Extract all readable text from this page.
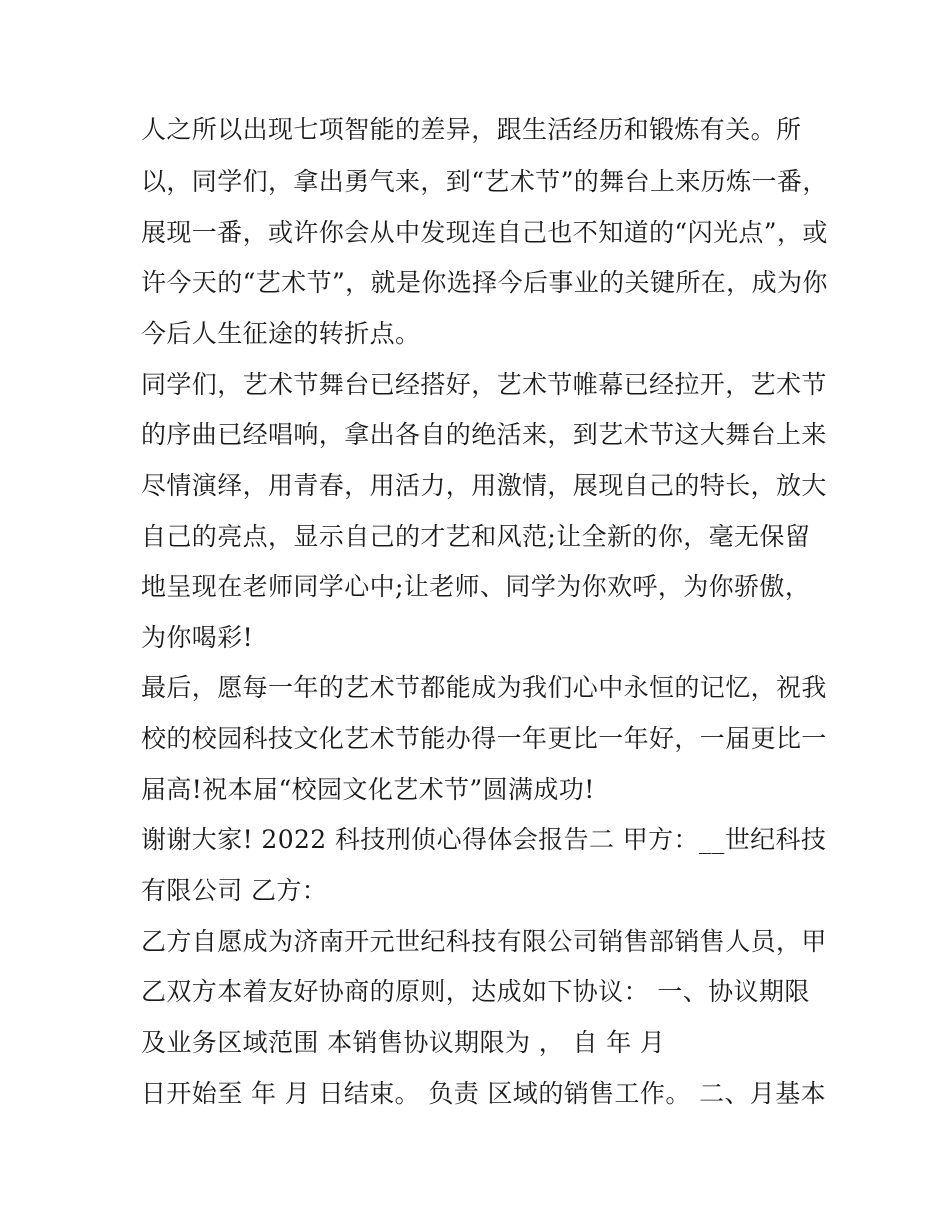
人之所以出现七项智能的差异，跟生活经历和锻炼有关。所
以，同学们，拿出勇气来，到“艺术节”的舞台上来历炼一番，
展现一番，或许你会从中发现连自己也不知道的“闪光点”，或
许今天的“艺术节”，就是你选择今后事业的关键所在，成为你
今后人生征途的转折点。
同学们，艺术节舞台已经搭好，艺术节帷幕已经拉开，艺术节
的序曲已经唱响，拿出各自的绝活来，到艺术节这大舞台上来
尽情演绎，用青春，用活力，用激情，展现自己的特长，放大
自己的亮点，显示自己的才艺和风范;让全新的你，毫无保留
地呈现在老师同学心中;让老师、同学为你欢呼，为你骄傲，
为你喝彩!
最后，愿每一年的艺术节都能成为我们心中永恒的记忆，祝我
校的校园科技文化艺术节能办得一年更比一年好，一届更比一
届高!祝本届“校园文化艺术节”圆满成功!
谢谢大家! 2022 科技刑侦心得体会报告二 甲方：__世纪科技
有限公司 乙方：
乙方自愿成为济南开元世纪科技有限公司销售部销售人员，甲
乙双方本着友好协商的原则，达成如下协议： 一、协议期限
及业务区域范围 本销售协议期限为 ， 自 年 月
日开始至 年 月 日结束。 负责 区域的销售工作。 二、月基本
